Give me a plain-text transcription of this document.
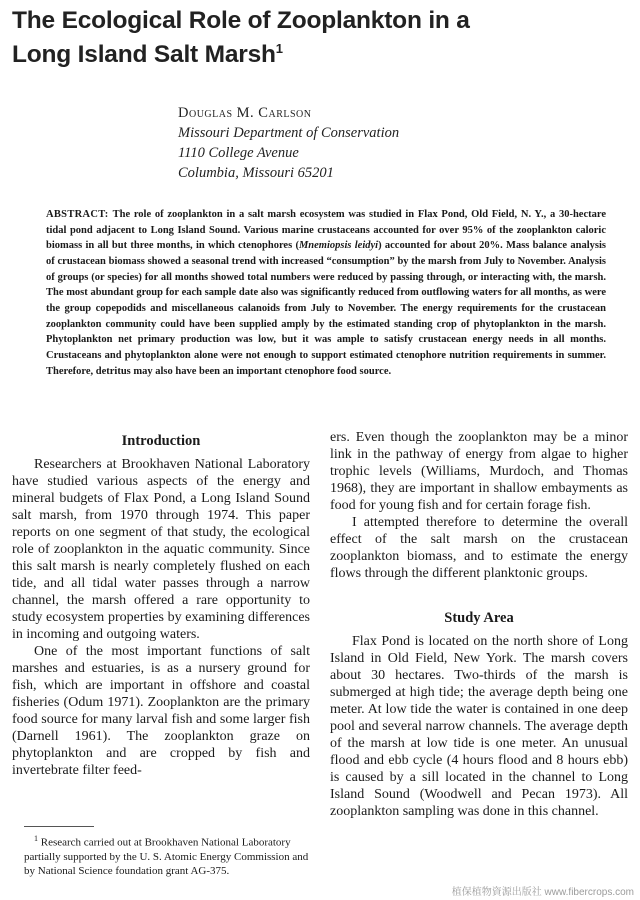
The Ecological Role of Zooplankton in a
Long Island Salt Marsh$^1$
Douglas M. Carlson
Missouri Department of Conservation
1110 College Avenue
Columbia, Missouri 65201

ABSTRACT: The role of zooplankton in a salt marsh ecosystem was studied in Flax Pond, Old Field, N. Y., a 30-hectare tidal pond adjacent to Long Island Sound. Various marine crustaceans accounted for over 95% of the zooplankton caloric biomass in all but three months, in which ctenophores (Mnemiopsis leidyi) accounted for about 20%. Mass balance analysis of crustacean biomass showed a seasonal trend with increased “consumption” by the marsh from July to November. Analysis of groups (or species) for all months showed total numbers were reduced by passing through, or interacting with, the marsh. The most abundant group for each sample date also was significantly reduced from outflowing waters for all months, as were the group copepodids and miscellaneous calanoids from July to November. The energy requirements for the crustacean zooplankton community could have been supplied amply by the estimated standing crop of phytoplankton in the marsh. Phytoplankton net primary production was low, but it was ample to satisfy crustacean energy needs in all months. Crustaceans and phytoplankton alone were not enough to support estimated ctenophore nutrition requirements in summer. Therefore, detritus may also have been an important ctenophore food source.

Introduction

Researchers at Brookhaven National Laboratory have studied various aspects of the energy and mineral budgets of Flax Pond, a Long Island Sound salt marsh, from 1970 through 1974. This paper reports on one segment of that study, the ecological role of zooplankton in the aquatic community. Since this salt marsh is nearly completely flushed on each tide, and all tidal water passes through a narrow channel, the marsh offered a rare opportunity to study ecosystem properties by examining differences in incoming and outgoing waters.

One of the most important functions of salt marshes and estuaries, is as a nursery ground for fish, which are important in offshore and coastal fisheries (Odum 1971). Zooplankton are the primary food source for many larval fish and some larger fish (Darnell 1961). The zooplankton graze on phytoplankton and are cropped by fish and invertebrate filter feed-

$^1$ Research carried out at Brookhaven National Laboratory partially supported by the U. S. Atomic Energy Commission and by National Science foundation grant AG-375.

ers. Even though the zooplankton may be a minor link in the pathway of energy from algae to higher trophic levels (Williams, Murdoch, and Thomas 1968), they are important in shallow embayments as food for young fish and for certain forage fish.

I attempted therefore to determine the overall effect of the salt marsh on the crustacean zooplankton biomass, and to estimate the energy flows through the different planktonic groups.

Study Area

Flax Pond is located on the north shore of Long Island in Old Field, New York. The marsh covers about 30 hectares. Two-thirds of the marsh is submerged at high tide; the average depth being one meter. At low tide the water is contained in one deep pool and several narrow channels. The average depth of the marsh at low tide is one meter. An unusual flood and ebb cycle (4 hours flood and 8 hours ebb) is caused by a sill located in the channel to Long Island Sound (Woodwell and Pecan 1973). All zooplankton sampling was done in this channel.

植保植物資源出版社 www.fibercrops.com
